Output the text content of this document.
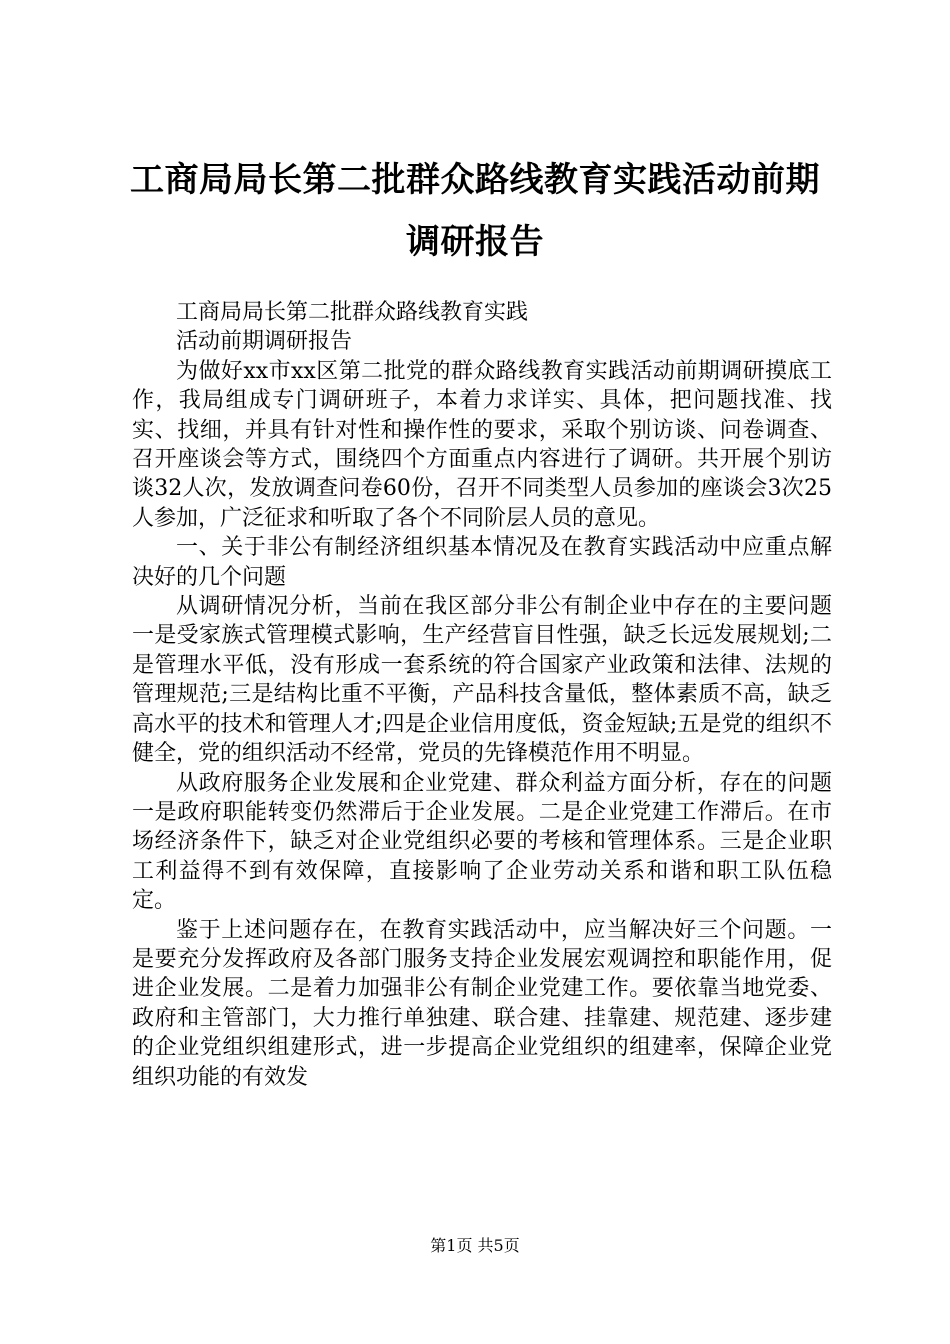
工商局局长第二批群众路线教育实践活动前期
调研报告

工商局局长第二批群众路线教育实践

活动前期调研报告

为做好xx市xx区第二批党的群众路线教育实践活动前期调研摸底工作，我局组成专门调研班子，本着力求详实、具体，把问题找准、找实、找细，并具有针对性和操作性的要求，采取个别访谈、问卷调查、召开座谈会等方式，围绕四个方面重点内容进行了调研。共开展个别访谈32人次，发放调查问卷60份，召开不同类型人员参加的座谈会3次25人参加，广泛征求和听取了各个不同阶层人员的意见。

一、关于非公有制经济组织基本情况及在教育实践活动中应重点解决好的几个问题

从调研情况分析，当前在我区部分非公有制企业中存在的主要问题一是受家族式管理模式影响，生产经营盲目性强，缺乏长远发展规划;二是管理水平低，没有形成一套系统的符合国家产业政策和法律、法规的管理规范;三是结构比重不平衡，产品科技含量低，整体素质不高，缺乏高水平的技术和管理人才;四是企业信用度低，资金短缺;五是党的组织不健全，党的组织活动不经常，党员的先锋模范作用不明显。

从政府服务企业发展和企业党建、群众利益方面分析，存在的问题一是政府职能转变仍然滞后于企业发展。二是企业党建工作滞后。在市场经济条件下，缺乏对企业党组织必要的考核和管理体系。三是企业职工利益得不到有效保障，直接影响了企业劳动关系和谐和职工队伍稳定。

鉴于上述问题存在，在教育实践活动中，应当解决好三个问题。一是要充分发挥政府及各部门服务支持企业发展宏观调控和职能作用，促进企业发展。二是着力加强非公有制企业党建工作。要依靠当地党委、政府和主管部门，大力推行单独建、联合建、挂靠建、规范建、逐步建的企业党组织组建形式，进一步提高企业党组织的组建率，保障企业党组织功能的有效发

第1页 共5页
